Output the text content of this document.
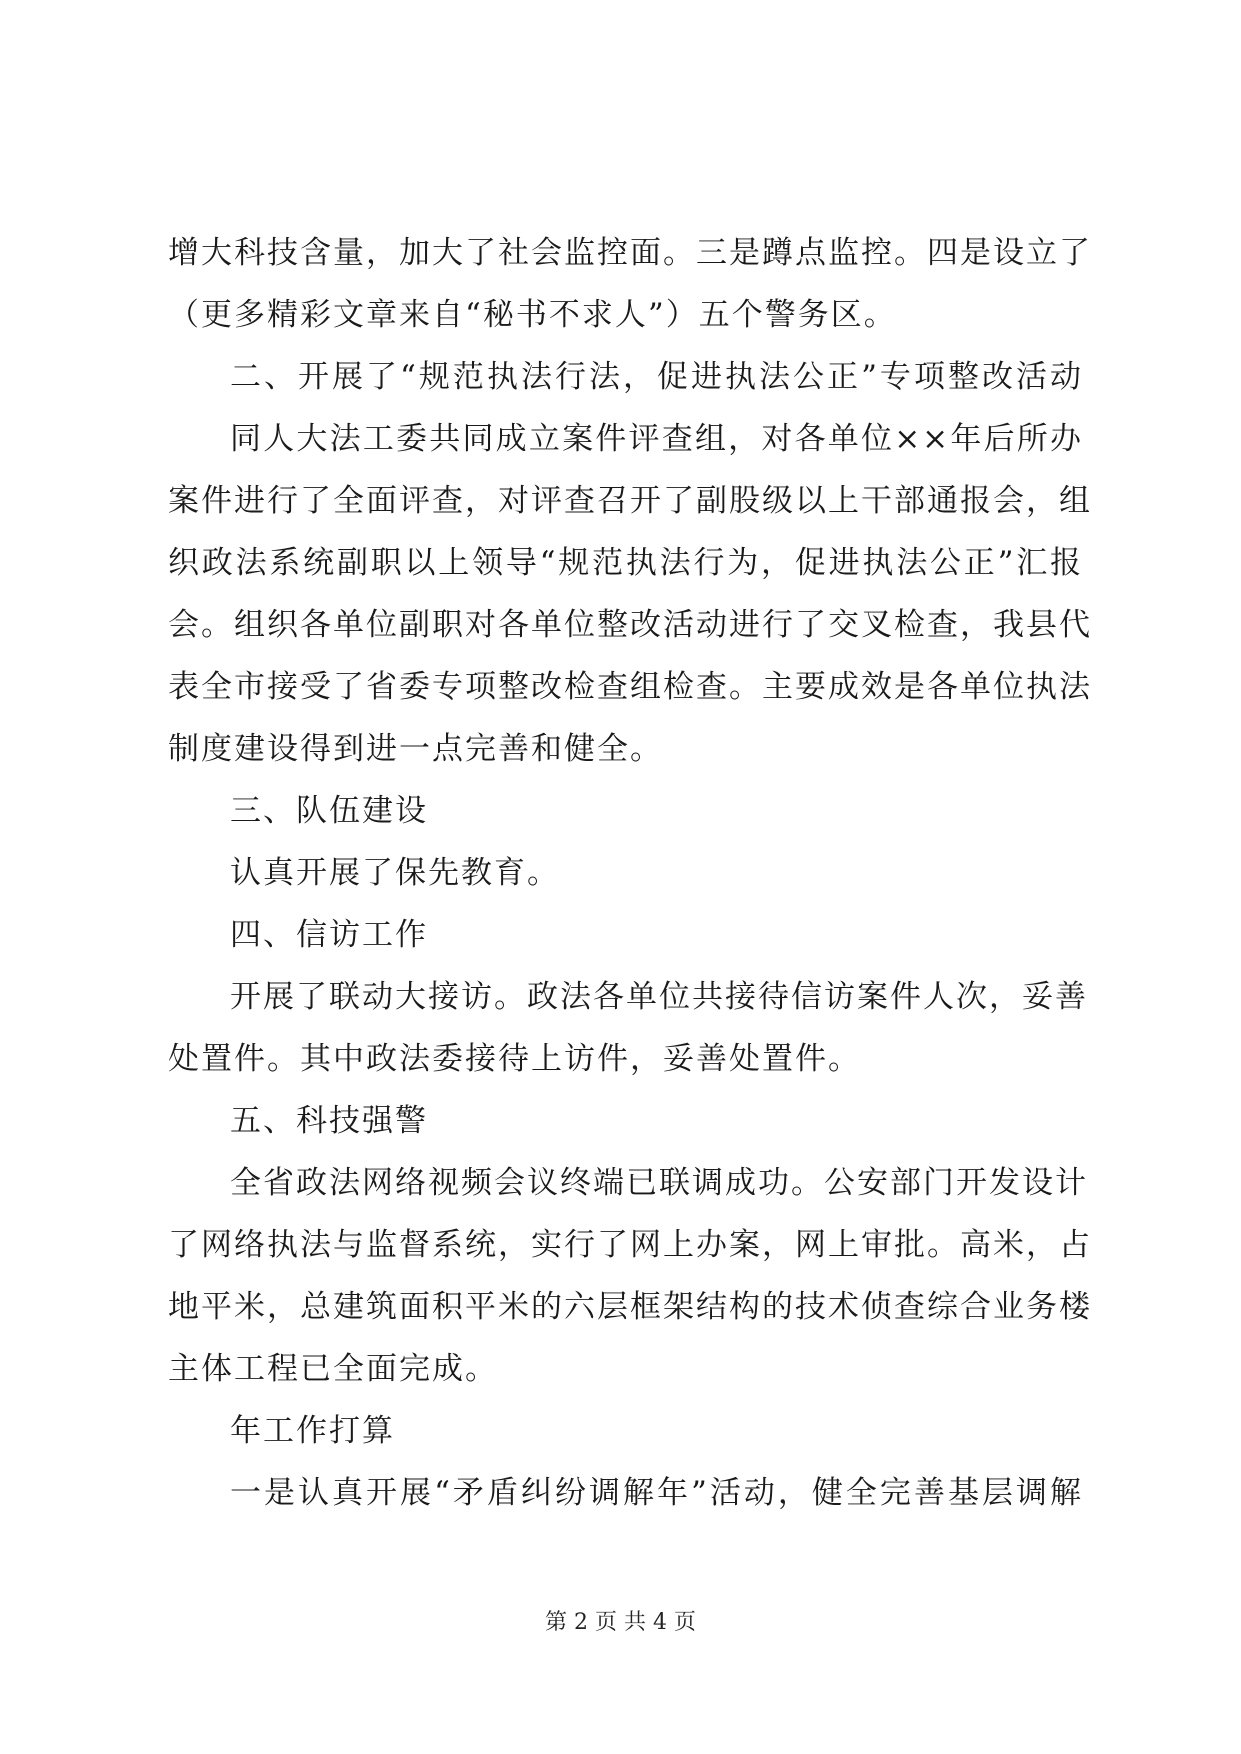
增大科技含量，加大了社会监控面。三是蹲点监控。四是设立了
（更多精彩文章来自“秘书不求人”）五个警务区。
二、开展了“规范执法行法，促进执法公正”专项整改活动
同人大法工委共同成立案件评查组，对各单位××年后所办
案件进行了全面评查，对评查召开了副股级以上干部通报会，组
织政法系统副职以上领导“规范执法行为，促进执法公正”汇报
会。组织各单位副职对各单位整改活动进行了交叉检查，我县代
表全市接受了省委专项整改检查组检查。主要成效是各单位执法
制度建设得到进一点完善和健全。
三、队伍建设
认真开展了保先教育。
四、信访工作
开展了联动大接访。政法各单位共接待信访案件人次，妥善
处置件。其中政法委接待上访件，妥善处置件。
五、科技强警
全省政法网络视频会议终端已联调成功。公安部门开发设计
了网络执法与监督系统，实行了网上办案，网上审批。高米，占
地平米，总建筑面积平米的六层框架结构的技术侦查综合业务楼
主体工程已全面完成。
年工作打算
一是认真开展“矛盾纠纷调解年”活动，健全完善基层调解
第 2 页 共 4 页
